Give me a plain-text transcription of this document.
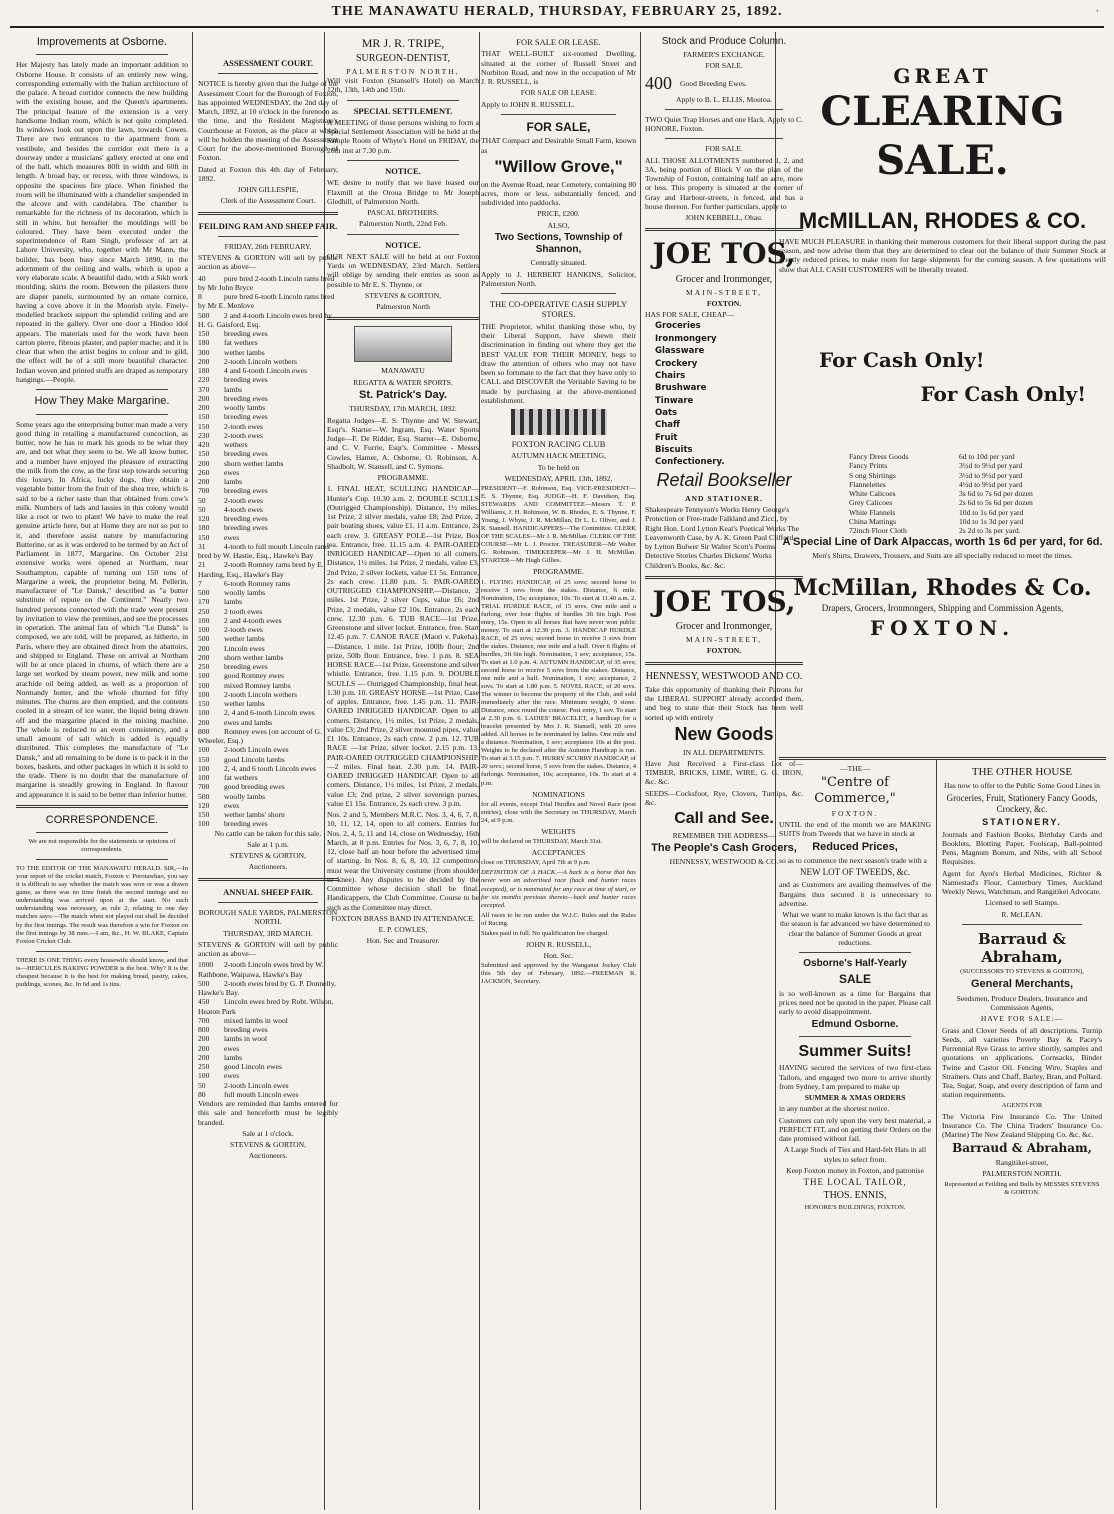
THE MANAWATU HERALD, THURSDAY, FEBRUARY 25, 1892.	·
Improvements at Osborne.

Her Majesty has lately made an important addition to Osborne House. It consists of an entirely new wing, corresponding externally with the Italian architecture of the palace. A broad corridor connects the new building with the existing house, and the Queen's apartments. The principal feature of the extension is a very handsome Indian room, which is not quite completed. Its windows look out upon the lawn, towards Cowes. There are two entrances to the apartment from a vestibule, and besides the corridor exit there is a doorway under a musicians' gallery erected at one end of the hall, which measures 80ft in width and 60ft in length. A broad bay, or recess, with three windows, is opposite the spacious fire place. When finished the room will be illuminated with a chandelier suspended in the alcove and with candelabra. The chamber is remarkable for the richness of its decoration, which is still in white, but hereafter the mouldings will be coloured. They have been executed under the superintendence of Ram Singh, professor of art at Lahore University, who, together with Mr Mann, the builder, has been busy since March 1890, in the adornment of the ceiling and walls, which is upon a very elaborate scale. A beautiful dado, with a Sikh work moulding, skirts the room. Between the pilasters there are diaper panels, surmounted by an ornate cornice, having a cove above it in the Moorish style. Finely-modelled brackets support the splendid ceiling and are repeated in the gallery. Over one door a Hindoo idol appears. The materials used for the work have been carton pierre, fibrous plaster, and papier mache; and it is clear that when the artist begins to colour and to gild, the effect will be of a still more beautiful character. Indian woven and printed stuffs are draped as temporary hangings.—People.

How They Make Margarine.

Some years ago the enterprising butter man made a very good thing in retailing a manufactured concoction, as butter, now he has to mark his goods to be what they are, and not what they seem to be. We all know butter, and a number have enjoyed the pleasure of extracting the milk from the cow, as the first step towards securing this luxury. In Africa, lucky dogs, they obtain a vegetable butter from the fruit of the shea tree, which is said to be a richer taste than that obtained from cow's milk. Numbers of lads and lassies in this colony would like a root or two to plant! We have to make the real genuine article here, but at Home they are not so put to it, and therefore assist nature by manufacturing Butterine, or as it was ordered to be termed by an Act of Parliament in 1877, Margarine. On October 21st extensive works were opened at Northam, near Southampton, capable of turning out 150 tons of Margarine a week, the proprietor being M. Pellerin, manufacturer of "Le Dansk," described as "a butter substitute of repute on the Continent." Nearly two hundred persons connected with the trade were present by invitation to view the premises, and see the processes in operation. The animal fats of which "Le Dansk" is composed, we are told, will be prepared, as hitherto, in Paris, where they are obtained direct from the abattoirs, and shipped to England. These on arrival at Northam will be at once placed in churns, of which there are a large set worked by steam power, new milk and some arachide oil being added, as well as a proportion of Normandy butter, and the whole churned for fifty minutes. The churns are then emptied, and the contents cooled in a stream of ice water, the liquid being drawn off and the margarine placed in the mixing machine. The whole is reduced to an even consistency, and a small amount of salt which is added is equally distributed. This completes the manufacture of "Le Dansk," and all remaining to be done is to pack it in the boxes, baskets, and other packages in which it is sold to the trade. There is no doubt that the manufacture of margarine is steadily growing in England. In flavour and appearance it is said to be better than inferior butter.

CORRESPONDENCE.

We are not responsible for the statements or opinions of correspondents.

TO THE EDITOR OF THE MANAWATU HERALD. SIR,—In your report of the cricket match, Foxton v. Porotawhao, you say it is difficult to say whether the match was won or was a drawn game, as there was no time finish the second innings and no understanding was arrived upon at the start. No such understanding was necessary, as rule 2, relating to one day matches says:—The match when not played out shall be decided by the first innings. The result was therefore a win for Foxton on the first innings by 38 runs.—I am, &c., H. W. BLAKE, Captain Foxton Cricket Club.

THERE IS ONE THING every housewife should know, and that is—HERCULES BAKING POWDER is the best. Why? It is the cheapest because it is the best for making bread, pastry, cakes, puddings, scones, &c. In 6d and 1s tins.

ASSESSMENT COURT.

NOTICE is hereby given that the Judge of the Assessment Court for the Borough of Foxton, has appointed WEDNESDAY, the 2nd day of March, 1892, at 10 o'clock in the forenoon as the time, and the Resident Magistrate's Courthouse at Foxton, as the place at which will be holden the meeting of the Assessment Court for the above-mentioned Borough of Foxton.

Dated at Foxton this 4th day of February, 1892.

JOHN GILLESPIE,

Clerk of the Assessment Court.

FEILDING RAM AND SHEEP FAIR.

FRIDAY, 26th FEBRUARY.

STEVENS & GORTON will sell by public auction as above—

40 pure bred 2-tooth Lincoln rams bred by Mr John Bryce
8	pure bred 6-tooth Lincoln rams bred by Mr E. Menlove
500 2 and 4-tooth Lincoln ewes bred by H. G. Gaisford, Esq.
150 breeding ewes
180 fat wethers
300 wether lambs
200 2-tooth Lincoln wethers
180 4 and 6-tooth Lincoln ewes
220 breeding ewes
370 lambs
200 breeding ewes
200 woolly lambs
150 breeding ewes
150 2-tooth ewes
230 2-tooth ewes
420 wethers
150 breeding ewes
200 shorn wether lambs
260 ewes
200 lambs
700 breeding ewes
50 2-tooth ewes
50 4-tooth ewes
120 breeding ewes
180 breeding ewes
150 ewes
31 4-tooth to full mouth Lincoln rams bred by W. Hastie, Esq., Hawke's Bay
21 2-tooth Romney rams bred by E. Harding, Esq., Hawke's Bay
7	6-tooth Romney rams
500 woolly lambs
170 lambs
250 2 tooth ewes
100 2 and 4-tooth ewes
100 2-tooth ewes
500 wether lambs
200 Lincoln ewes
200 shorn wether lambs
250 breeding ewes
100 good Romney ewes
100 mixed Romney lambs
100 2-tooth Lincoln wethers
150 wether lambs
100 2, 4 and 6-tooth Lincoln ewes
200 ewes and lambs
800 Romney ewes (on account of G. Wheeler, Esq.)
100 2-tooth Lincoln ewes
150 good Lincoln lambs
100 2, 4, and 6 tooth Lincoln ewes
100 fat wethers
700 good breeding ewes
500 woolly lambs
120 ewes
150 wether lambs' shorn
100 breeding ewes

No cattle can be taken for this sale.

Sale at 1 p.m.

STEVENS & GORTON,

Auctioneers.

ANNUAL SHEEP FAIR.

BOROUGH SALE YARDS, PALMERSTON NORTH.

THURSDAY, 3RD MARCH.

STEVENS & GORTON will sell by public auction as above—

1000 2-tooth Lincoln ewes bred by W. Rathbone, Waipawa, Hawke's Bay
500 2-tooth ewes bred by G. P. Donnelly, Hawke's Bay.
450 Lincoln ewes bred by Robt. Wilson, Heaton Park
700 mixed lambs in wool
800 breeding ewes
200 lambs in wool
200 ewes
200 lambs
250 good Lincoln ewes
100 ewes
50 2-tooth Lincoln ewes
80 full mouth Lincoln ewes

Vendors are reminded that lambs entered for this sale and henceforth must be legibly branded.

Sale at 1 o'clock.

STEVENS & GORTON,

Auctioneers.

MR J. R. TRIPE,
SURGEON-DENTIST,
PALMERSTON NORTH,

Will visit Foxton (Stansell's Hotel) on March 12th, 13th, 14th and 15th.

SPECIAL SETTLEMENT.

A MEETING of those persons wishing to form a Special Settlement Association will be held at the Sample Room of Whyte's Hotel on FRIDAY, the 26th inst at 7.30 p.m.

NOTICE.

WE desire to notify that we have leased our Flaxmill at the Oroua Bridge to Mr Joseph Gledhill, of Palmerston North.

PASCAL BROTHERS.

Palmerston North, 22nd Feb.

NOTICE.

OUR NEXT SALE will be held at our Foxton Yards on WEDNESDAY, 23rd March. Settlers will oblige by sending their entries as soon as possible to Mr E. S. Thynne, or

STEVENS & GORTON,

Palmerston North

MANAWATU

REGATTA & WATER SPORTS.

St. Patrick's Day.

THURSDAY, 17th MARCH, 1892.

Regatta Judges—E. S. Thynne and W. Stewart, Esqr's. Starter—W. Ingram, Esq. Water Sports Judge—F. De Ridder, Esq. Starter—E. Osborne, and C. V. Furrie, Esqr's. Committee - Messrs Cowles, Hamer, A. Osborne, O. Robinson, A. Shadbolt, W. Stansell, and C. Symons.

PROGRAMME.

1. FINAL HEAT, SCULLING HANDICAP—Hunter's Cup. 10.30 a.m. 2. DOUBLE SCULLS (Outrigged Championship). Distance, 1½ miles. 1st Prize, 2 silver medals, value £8; 2nd Prize, 2 pair boating shoes, value £1. 11 a.m. Entrance, 2s each crew. 3. GREASY POLE—1st Prize, Box tea. Entrance, free. 11.15 a.m. 4. PAIR-OARED INRIGGED HANDICAP—Open to all comers. Distance, 1½ miles. 1st Prize, 2 medals, value £3; 2nd Prize, 2 silver lockets, value £1 5s. Entrance, 2s each crew. 11.80 p.m. 5. PAIR-OARED OUTRIGGED CHAMPIONSHIP.—Distance, 2 miles. 1st Prize, 2 silver Cups, value £6; 2nd Prize, 2 medals, value £2 10s. Entrance, 2s each crew. 12.30 p.m. 6. TUB RACE—1st Prize, Greenstone and silver locket. Entrance, free. Start 12.45 p.m. 7. CANOE RACE (Maori v. Pakeha). —Distance, 1 mile. 1st Prize, 100lb flour; 2nd prize, 50lb flour. Entrance, free. 1 p.m. 8. SEA HORSE RACE—1st Prize, Greenstone and silver whistle. Entrance, free. 1.15 p.m. 9. DOUBLE SCULLS — Outrigged Championship, final heat. 1.30 p.m. 10. GREASY HORSE—1st Prize, Case of apples. Entrance, free. 1.45 p.m. 11. PAIR-OARED INRIGGED HANDICAP. Open to all comers. Distance, 1½ miles. 1st Prize, 2 medals, value £3; 2nd Prize, 2 silver mounted pipes, value £1 10s. Entrance, 2s each crew. 2 p.m. 12. TUB RACE —1st Prize, silver locket. 2.15 p.m. 13. PAIR-OARED OUTRIGGED CHAMPIONSHIP.—2 miles. Final heat. 2.30 p.m. 14. PAIR-OARED INRIGGED HANDICAP. Open to all comers. Distance, 1½ miles. 1st Prize, 2 medals, value £3; 2nd prize, 2 silver sovereign purses, value £1 15s. Entrance, 2s each crew. 3 p.m.

Nos. 2 and 5, Members M.R.C. Nos. 3, 4, 6, 7, 8, 10, 11, 12, 14, open to all comers. Entries for Nos. 2, 4, 5, 11 and 14, close on Wednesday, 16th March, at 8 p.m. Entries for Nos. 3, 6, 7, 8, 10, 12, close half an hour before the advertised time of starting. In Nos. 8, 6, 8, 10, 12 competitors must wear the University costume (from shoulder to knee). Any disputes to be decided by the Committee whose decision shall be final. Handicappers, the Club Committee. Course to be such as the Committee may direct.

FOXTON BRASS BAND IN ATTENDANCE.

E. P. COWLES,

Hon. Sec and Treasurer.

FOR SALE OR LEASE.

THAT WELL-BUILT six-roomed Dwelling, situated at the corner of Russell Street and Norbiton Road, and now in the occupation of Mr J. R. RUSSELL, is

FOR SALE OR LEASE.

Apply to JOHN R. RUSSELL.

FOR SALE,

THAT Compact and Desirable Small Farm, known as

"Willow Grove,"

on the Avenue Road, near Cemetery, containing 80 acres, more or less, substantially fenced, and subdivided into paddocks.

PRICE, £200.

ALSO,

Two Sections, Township of Shannon,

Centrally situated.

Apply to J. HERBERT HANKINS, Solicitor, Palmerston North.

THE CO-OPERATIVE CASH SUPPLY STORES.

THE Proprietor, whilst thanking those who, by their Liberal Support, have shewn their discrimination in finding out where they get the BEST VALUE FOR THEIR MONEY, begs to draw the attention of others who may not have been so fortunate to the fact that they have only to CALL and DISCOVER the Veritable Saving to be made by purchasing at the above-mentioned establishment.

FOXTON RACING CLUB

AUTUMN HACK MEETING,

To be held on

WEDNESDAY, APRIL 13th, 1892.

PRESIDENT—F. Robinson, Esq. VICE-PRESIDENT—E. S. Thynne, Esq. JUDGE—H. F. Davidson, Esq. STEWARDS AND COMMITTEE—Messrs T. P. Williams, J. H. Robinson, W. B. Rhodes, E. S. Thynne, F. Young, J. Whyte, J. R. McMillan, Dr L. L. Oliver, and J. R. Stansell. HANDICAPPERS—The Committee. CLERK OF THE SCALES—Mr J. R. McMillan. CLERK OF THE COURSE—Mr L. J. Proctor. TREASURER—Mr Walter G. Robinson. TIMEKEEPER—Mr J. H. McMillan. STARTER—Mr Hugh Gillies.

PROGRAMME.

1. FLYING HANDICAP, of 25 sovs; second horse to receive 3 sovs from the stakes. Distance, ¾ mile. Nomination, 15s; acceptance, 10s. To start at 11.40 a.m. 2. TRIAL HURDLE RACE, of 15 sovs. One mile and a furlong, over four flights of hurdles 3ft 6in high. Post entry, 15s. Open to all horses that have never won public money. To start at 12.30 p.m. 3. HANDICAP HURDLE RACE, of 25 sovs; second horse to receive 3 sovs from the stakes. Distance, one mile and a half. Over 6 flights of hurdles, 3ft 6in high. Nomination, 1 sov; acceptance, 15s. To start at 1.0 p.m. 4. AUTUMN HANDICAP, of 35 sovs; second horse to receive 5 sovs from the stakes. Distance, one mile and a half. Nomination, 1 sov; acceptance, 2 sovs. To start at 1.80 p.m. 5. NOVEL RACE, of 20 sovs. The winner to become the property of the Club, and sold immediately after the race. Minimum weight, 9 stone. Distance, once round the course. Post entry, 1 sov. To start at 2.30 p.m. 6. LADIES' BRACELET, a handicap for a bracelet presented by Mrs J. R. Stansell, with 20 sovs added. All horses to be nominated by ladies. One mile and a distance. Nomination, 1 sov; acceptance 10s at the post. Weights to be declared after the Autumn Handicap is run. To start at 3.15 p.m. 7. HURRY SCURRY HANDICAP, of 20 sovs.; second horse, 5 sovs from the stakes. Distance, 4 furlongs. Nomination, 10s; acceptance, 10s. To start at 4 p.m.

NOMINATIONS

for all events, except Trial Hurdles and Novel Race (post entries), close with the Secretary on THURSDAY, March 24, at 9 p.m.

WEIGHTS

will be declared on THURSDAY, March 31st.

ACCEPTANCES

close on THURSDAY, April 7th at 9 p.m.

DEFINITION OF A HACK.—A hack is a horse that has never won an advertised race (hack and hunter races excepted), or is nominated for any race at time of start, or for six months previous thereto—hack and hunter races excepted.

All races to be run under the W.J.C. Rules and the Rules of Racing.

Stakes paid in full. No qualification fee charged.

JOHN R. RUSSELL,

Hon. Sec.

Submitted and approved by the Wanganui Jockey Club this 5th day of February, 1892.—FREEMAN R. JACKSON, Secretary.

Stock and Produce Column.

FARMER'S EXCHANGE.

FOR SALE.

400 Good Breeding Ewes.

Apply to B. L. ELLIS, Moutoa.

TWO Quiet Trap Horses and one Hack. Apply to C. HONORE, Foxton.

FOR SALE.

ALL THOSE ALLOTMENTS numbered 1, 2, and 3A, being portion of Block V on the plan of the Township of Foxton, containing half an acre, more or less. This property is situated at the corner of Gray and Harbour-streets, is fenced, and has a house thereon. For further particulars, apply to

JOHN KEBBELL, Ohau.

JOE TOS,

Grocer and Ironmonger,

MAIN-STREET,

FOXTON.

HAS FOR SALE, CHEAP—

Groceries
Ironmongery
Glassware
Crockery
Chairs
Brushware
Tinware
Oats
Chaff
Fruit
Biscuits
Confectionery.
Retail Bookseller

AND STATIONER.

Shakespeare Tennyson's Works Henry George's Protection or Free-trade Falkland and Zicci, by Right Hon. Lord Lytton Keat's Poetical Works The Leavenworth Case, by A. K. Green Paul Clifford, by Lytton Bulwer Sir Walter Scott's Poems Detective Stories Charles Dickens' Works Children's Books, &c. &c.

JOE TOS,

Grocer and Ironmonger,

MAIN-STREET,

FOXTON.

HENNESSY, WESTWOOD AND CO.

Take this opportunity of thanking their Patrons for the LIBERAL SUPPORT already accorded them, and beg to state that their Stock has been well sorted up with entirely

New Goods

IN ALL DEPARTMENTS.

Have Just Received a First-class Lot of— TIMBER, BRICKS, LIME, WIRE, G. G. IRON, &c. &c.

SEEDS—Cocksfoot, Rye, Clovers, Turnips, &c. &c.

Call and See.

REMEMBER THE ADDRESS—

The People's Cash Grocers,

HENNESSY, WESTWOOD & CO.

GREAT
CLEARING SALE.
McMILLAN, RHODES & CO.

HAVE MUCH PLEASURE in thanking their numerous customers for their liberal support during the past season, and now advise them that they are determined to clear out the balance of their Summer Stock at greatly reduced prices, to make room for large shipments for the coming season. A few quotations will show that ALL CASH CUSTOMERS will be liberally treated.

For Cash Only!
For Cash Only!
Fancy Dress Goods	6d to 10d per yard
Fancy Prints	3½d to 9½d per yard
S ong Shirtings	3½d to 9½d per yard
Flannelettes	4½d to 9½d per yard
White Calicoes	3s 6d to 7s 6d per dozen
Grey Calicoes	2s 6d to 5s 6d per dozen
White Flannels	10d to 1s 6d per yard
China Mattings	10d to 1s 3d per yard
72inch Floor Cloth	2s 2d to 3s per yard.
A Special Line of Dark Alpaccas, worth 1s 6d per yard, for 6d.

Men's Shirts, Drawers, Trousers, and Suits are all specially reduced to meet the times.

McMillan, Rhodes & Co.

Drapers, Grocers, Ironmongers, Shipping and Commission Agents,

FOXTON.

—THE—

"Centre of Commerce,"

FOXTON.

UNTIL the end of the month we are MAKING SUITS from Tweeds that we have in stock at

Reduced Prices,

so as to commence the next season's trade with a

NEW LOT OF TWEEDS, &c.

and as Customers are availing themselves of the Bargains thus secured it is unnecessary to advertise.

What we want to make known is the fact that as the season is far advanced we have determined to clear the balance of Summer Goods at great reductions.

Osborne's Half-Yearly
SALE

is so well-known as a time for Bargains that prices need not be quoted in the paper. Please call early to avoid disappointment.

Edmund Osborne.
Summer Suits!

HAVING secured the services of two first-class Tailors, and engaged two more to arrive shortly from Sydney, I am prepared to make up

SUMMER & XMAS ORDERS

in any number at the shortest notice.

Customers can rely upon the very best material, a PERFECT FIT, and on getting their Orders on the date promised without fail.

A Large Stock of Ties and Hard-felt Hats in all styles to select from.

Keep Foxton money in Foxton, and patronise

THE LOCAL TAILOR,

THOS. ENNIS,

HONORE'S BUILDINGS, FOXTON.

THE OTHER HOUSE

Has now to offer to the Public Some Good Lines in

Groceries, Fruit, Stationery Fancy Goods, Crockery, &c.

STATIONERY.

Journals and Fashion Books, Birthday Cards and Booklets, Blotting Paper, Foolscap, Ball-pointed Pens, Magnum Bonum, and Nibs, with all School Requisites.

Agent for Ayre's Herbal Medicines, Richter & Nannestad's Flour, Canterbury Times, Auckland Weekly News, Watchman, and Rangitikei Advocate.

Licensed to sell Stamps.

R. McLEAN.

Barraud & Abraham,

(SUCCESSORS TO STEVENS & GORTON),

General Merchants,

Seedsmen, Produce Dealers, Insurance and Commission Agents,

HAVE FOR SALE:—

Grass and Clover Seeds of all descriptions. Turnip Seeds, all varieties Poverty Bay & Pacey's Perrennial Rye Grass to arrive shortly, samples and quotations on applications. Cornsacks, Binder Twine and Castor Oil. Fencing Wire, Staples and Strainers. Oats and Chaff, Barley, Bran, and Pollard. Tea, Sugar, Soap, and every description of farm and station requirements.

AGENTS FOR

The Victoria Fire Insurance Co. The United Insurance Co. The China Traders' Insurance Co. (Marine) The New Zealand Shipping Co. &c. &c.

Barraud & Abraham,

Rangitikei-street,

PALMERSTON NORTH.

Represented at Feilding and Bulls by MESSRS STEVENS & GORTON.
